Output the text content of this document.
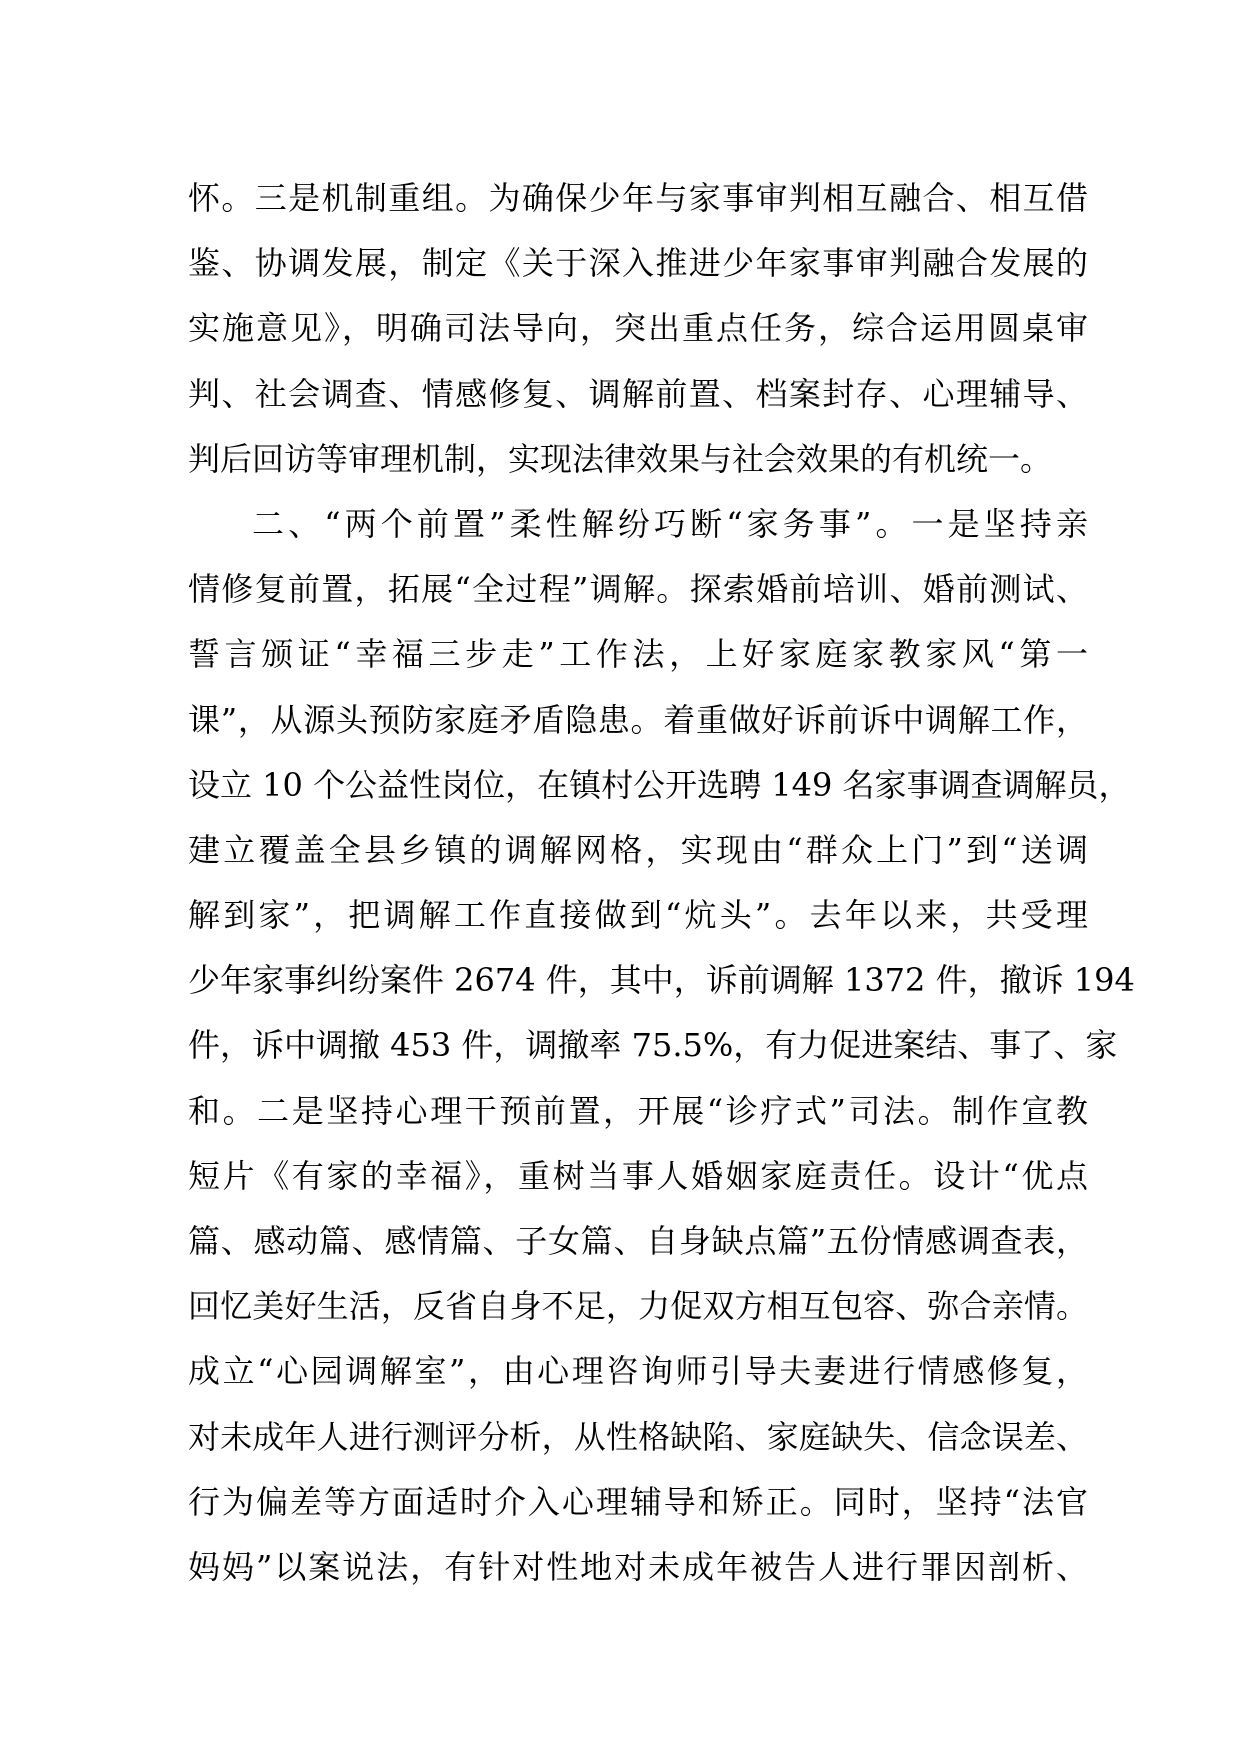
怀。三是机制重组。为确保少年与家事审判相互融合、相互借
鉴、协调发展，制定《关于深入推进少年家事审判融合发展的
实施意见》，明确司法导向，突出重点任务，综合运用圆桌审
判、社会调查、情感修复、调解前置、档案封存、心理辅导、
判后回访等审理机制，实现法律效果与社会效果的有机统一。
二、“两个前置”柔性解纷巧断“家务事”。一是坚持亲
情修复前置，拓展“全过程”调解。探索婚前培训、婚前测试、
誓言颁证“幸福三步走”工作法，上好家庭家教家风“第一
课”，从源头预防家庭矛盾隐患。着重做好诉前诉中调解工作，
设立 10 个公益性岗位，在镇村公开选聘 149 名家事调查调解员，
建立覆盖全县乡镇的调解网格，实现由“群众上门”到“送调
解到家”，把调解工作直接做到“炕头”。去年以来，共受理
少年家事纠纷案件 2674 件，其中，诉前调解 1372 件，撤诉 194
件，诉中调撤 453 件，调撤率 75.5%，有力促进案结、事了、家
和。二是坚持心理干预前置，开展“诊疗式”司法。制作宣教
短片《有家的幸福》，重树当事人婚姻家庭责任。设计“优点
篇、感动篇、感情篇、子女篇、自身缺点篇”五份情感调查表，
回忆美好生活，反省自身不足，力促双方相互包容、弥合亲情。
成立“心园调解室”，由心理咨询师引导夫妻进行情感修复，
对未成年人进行测评分析，从性格缺陷、家庭缺失、信念误差、
行为偏差等方面适时介入心理辅导和矫正。同时，坚持“法官
妈妈”以案说法，有针对性地对未成年被告人进行罪因剖析、
